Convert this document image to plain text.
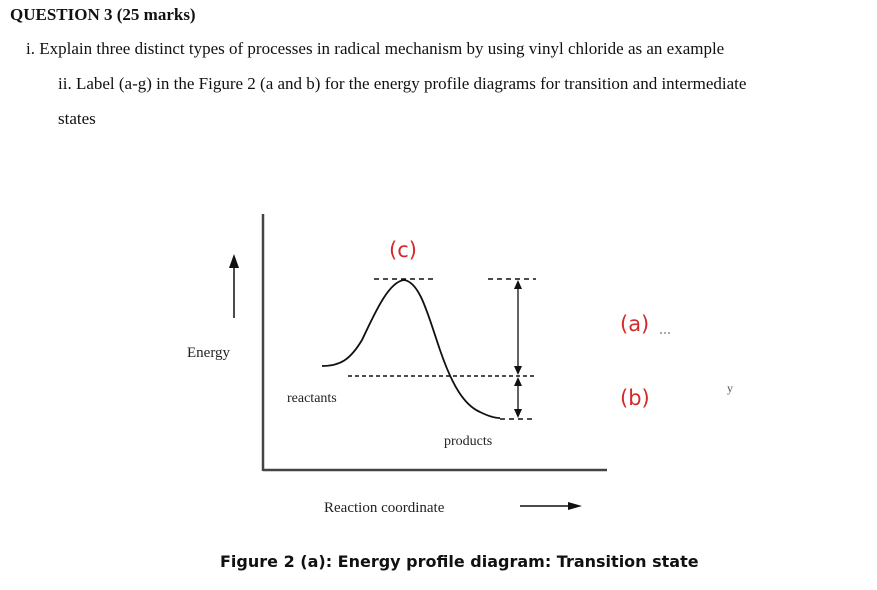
QUESTION 3 (25 marks)
i. Explain three distinct types of processes in radical mechanism by using vinyl chloride as an example
ii. Label (a-g) in the Figure 2 (a and b) for the energy profile diagrams for transition and intermediate
states
Energy
reactants
products
Reaction coordinate
(c)
(a)
(b)	y
Figure 2 (a): Energy profile diagram: Transition state
